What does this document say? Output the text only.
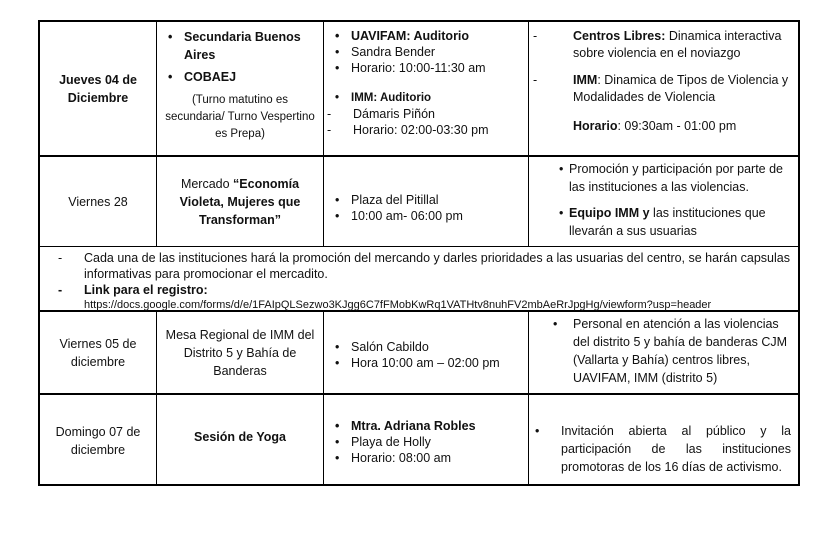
Jueves 04 de Diciembre
• Secundaria Buenos Aires
• COBAEJ

(Turno matutino es secundaria/ Turno Vespertino es Prepa)

• UAVIFAM: Auditorio
• Sandra Bender
• Horario: 10:00-11:30 am
• IMM: Auditorio
- Dámaris Piñón
- Horario: 02:00-03:30 pm
- Centros Libres: Dinamica interactiva sobre violencia en el noviazgo
- IMM: Dinamica de Tipos de Violencia y Modalidades de Violencia

Horario: 09:30am - 01:00 pm

Viernes 28

Mercado “Economía Violeta, Mujeres que Transforman”

• Plaza del Pitillal
• 10:00 am- 06:00 pm
• Promoción y participación por parte de las instituciones a las violencias.
• Equipo IMM y las instituciones que llevarán a sus usuarias
- Cada una de las instituciones hará la promoción del mercando y darles prioridades a las usuarias del centro, se harán capsulas informativas para promocionar el mercadito.
- Link para el registro:

https://docs.google.com/forms/d/e/1FAIpQLSezwo3KJgg6C7fFMobKwRq1VATHtv8nuhFV2mbAeRrJpgHg/viewform?usp=header

Viernes 05 de diciembre
Mesa Regional de IMM del Distrito 5 y Bahía de Banderas
• Salón Cabildo
• Hora 10:00 am – 02:00 pm
• Personal en atención a las violencias del distrito 5 y bahía de banderas CJM (Vallarta y Bahía) centros libres, UAVIFAM, IMM (distrito 5)
Domingo 07 de diciembre
Sesión de Yoga
• Mtra. Adriana Robles
• Playa de Holly
• Horario: 08:00 am
• Invitación abierta al público y la participación de las instituciones promotoras de los 16 días de activismo.
